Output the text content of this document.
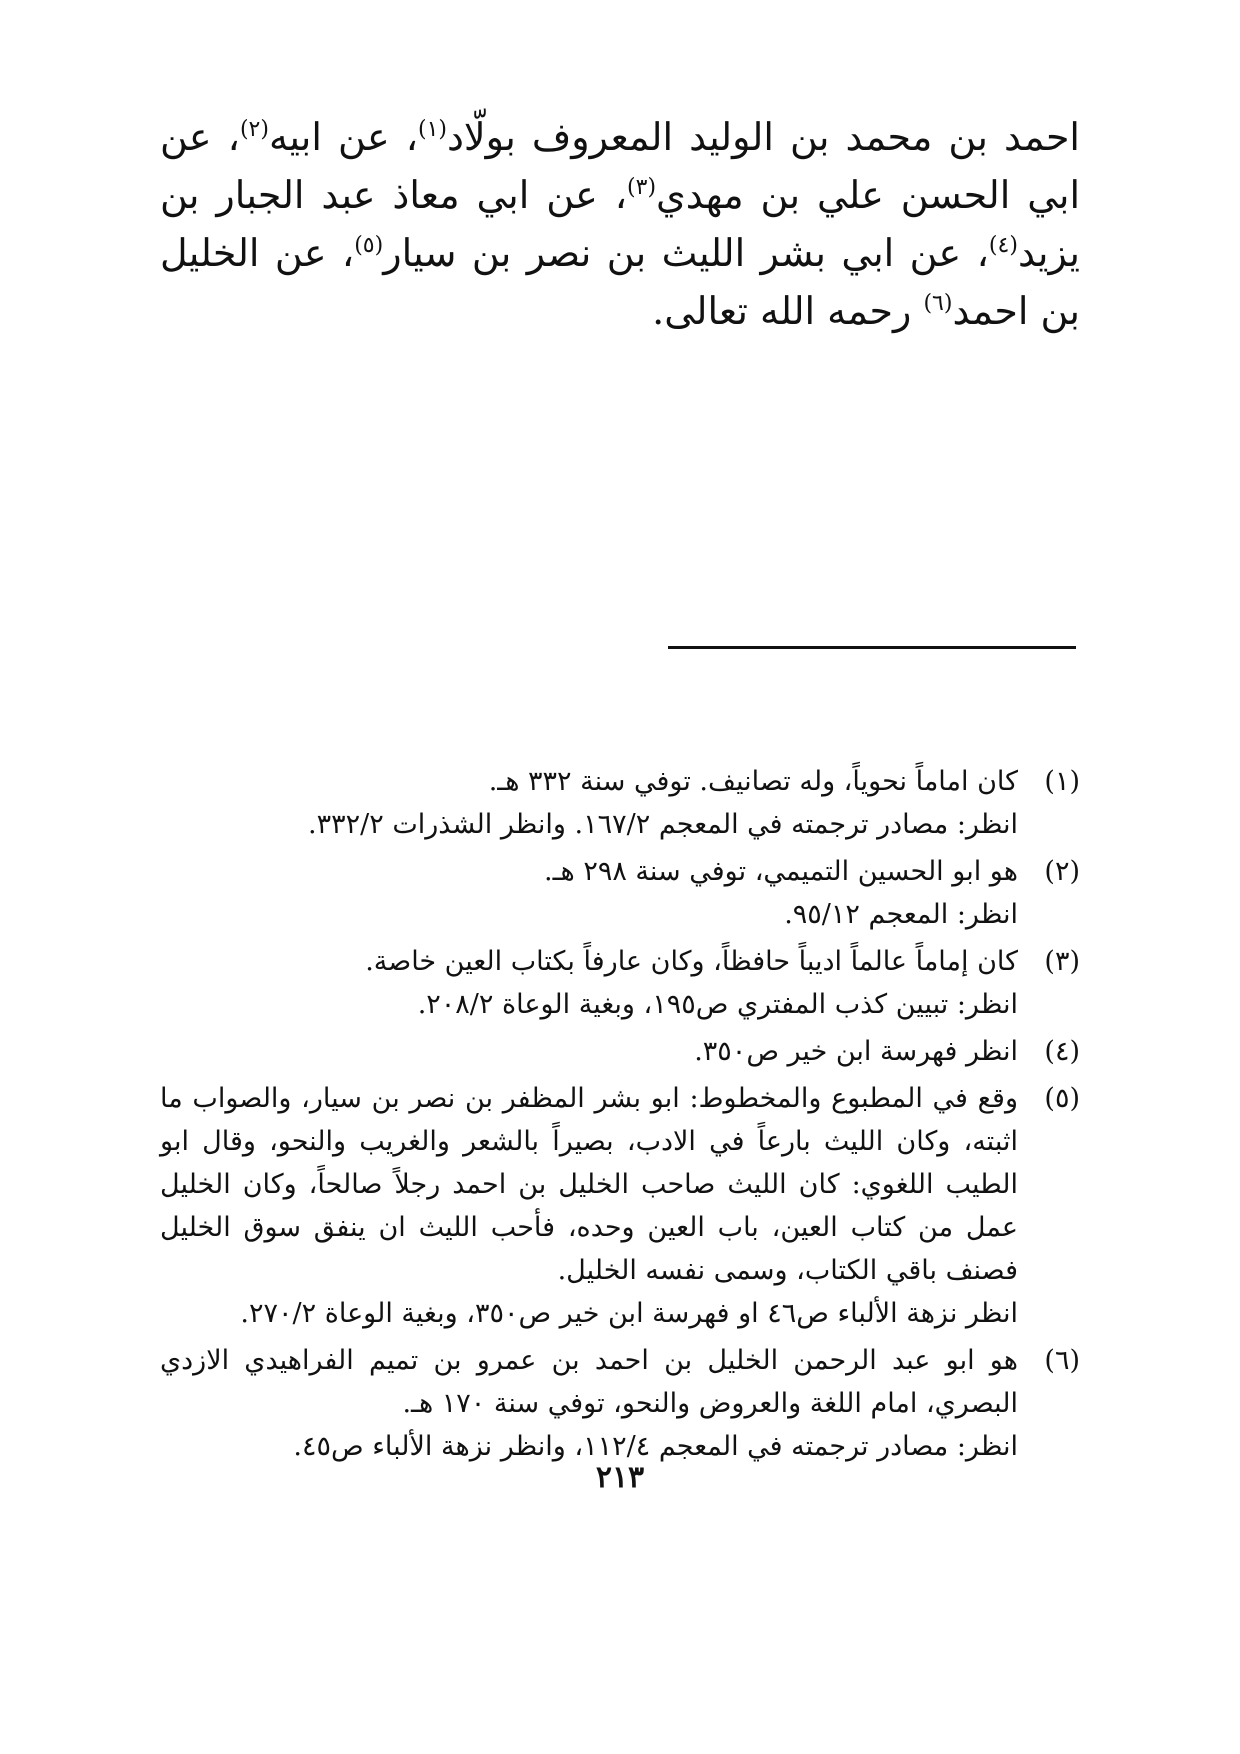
احمد بن محمد بن الوليد المعروف بولّاد$^{(١)}$، عن ابيه$^{(٢)}$، عن ابي الحسن علي بن مهدي$^{(٣)}$، عن ابي معاذ عبد الجبار بن يزيد$^{(٤)}$، عن ابي بشر الليث بن نصر بن سيار$^{(٥)}$، عن الخليل بن احمد$^{(٦)}$ رحمه الله تعالى.

(١)

كان اماماً نحوياً، وله تصانيف. توفي سنة ٣٣٢ هـ.

انظر: مصادر ترجمته في المعجم ١٦٧/٢. وانظر الشذرات ٣٣٢/٢.

(٢)

هو ابو الحسين التميمي، توفي سنة ٢٩٨ هـ.

انظر: المعجم ٩٥/١٢.

(٣)

كان إماماً عالماً اديباً حافظاً، وكان عارفاً بكتاب العين خاصة.

انظر: تبيين كذب المفتري ص١٩٥، وبغية الوعاة ٢٠٨/٢.

(٤)

انظر فهرسة ابن خير ص٣٥٠.

(٥)

وقع في المطبوع والمخطوط: ابو بشر المظفر بن نصر بن سيار، والصواب ما اثبته، وكان الليث بارعاً في الادب، بصيراً بالشعر والغريب والنحو، وقال ابو الطيب اللغوي: كان الليث صاحب الخليل بن احمد رجلاً صالحاً، وكان الخليل عمل من كتاب العين، باب العين وحده، فأحب الليث ان ينفق سوق الخليل فصنف باقي الكتاب، وسمى نفسه الخليل.

انظر نزهة الألباء ص٤٦ او فهرسة ابن خير ص٣٥٠، وبغية الوعاة ٢٧٠/٢.

(٦)

هو ابو عبد الرحمن الخليل بن احمد بن عمرو بن تميم الفراهيدي الازدي البصري، امام اللغة والعروض والنحو، توفي سنة ١٧٠ هـ.

انظر: مصادر ترجمته في المعجم ١١٢/٤، وانظر نزهة الألباء ص٤٥.

٢١٣
